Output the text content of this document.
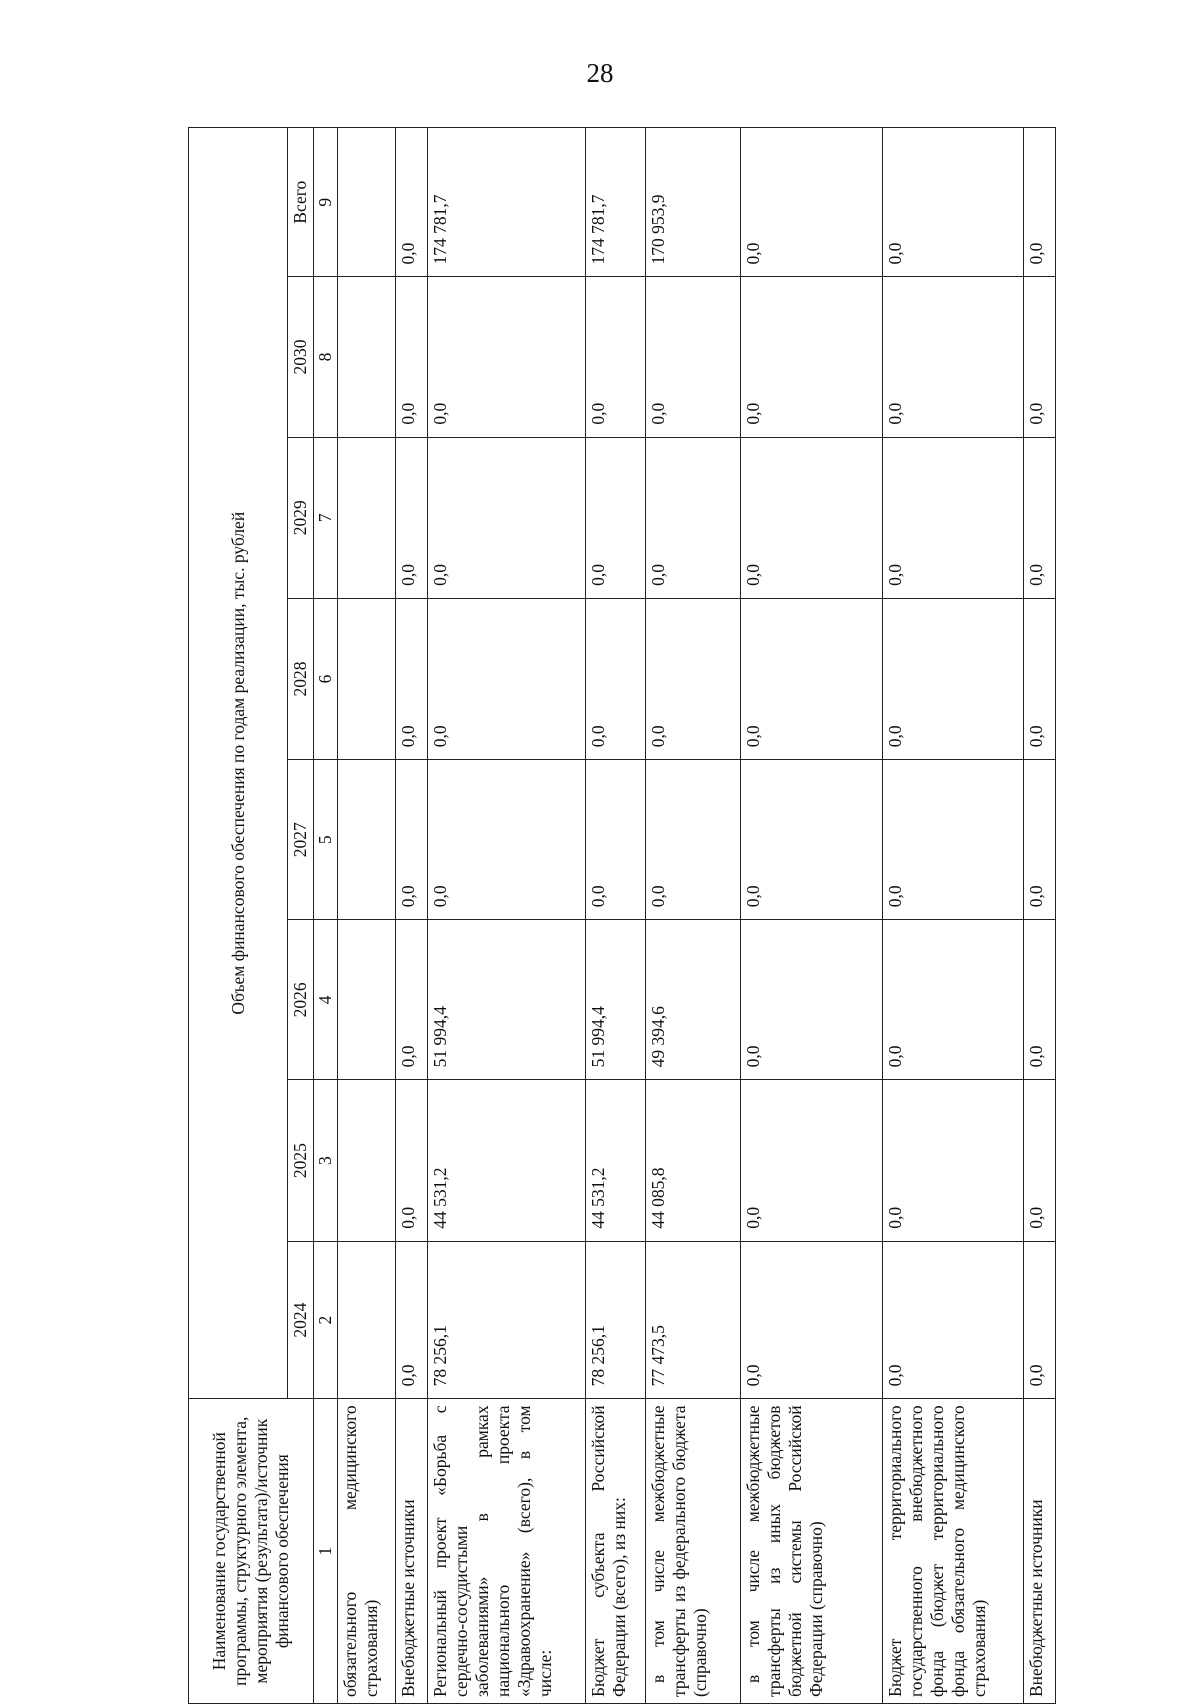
28
Наименование государственной программы, структурного элемента, мероприятия (результата)/источник финансового обеспечения	Объем финансового обеспечения по годам реализации, тыс. рублей							
	2024	2025	2026	2027	2028	2029	2030	Всего
1	2	3	4	5	6	7	8	9
обязательного медицинского страхования)								
Внебюджетные источники	0,0	0,0	0,0	0,0	0,0	0,0	0,0	0,0
Региональный проект «Борьба с сердечно-сосудистыми заболеваниями» в рамках национального проекта «Здравоохранение» (всего), в том числе:	78 256,1	44 531,2	51 994,4	0,0	0,0	0,0	0,0	174 781,7
Бюджет субъекта Российской Федерации (всего), из них:	78 256,1	44 531,2	51 994,4	0,0	0,0	0,0	0,0	174 781,7
в том числе межбюджетные трансферты из федерального бюджета (справочно)	77 473,5	44 085,8	49 394,6	0,0	0,0	0,0	0,0	170 953,9
в том числе межбюджетные трансферты из иных бюджетов бюджетной системы Российской Федерации (справочно)	0,0	0,0	0,0	0,0	0,0	0,0	0,0	0,0
Бюджет территориального государственного внебюджетного фонда (бюджет территориального фонда обязательного медицинского страхования)	0,0	0,0	0,0	0,0	0,0	0,0	0,0	0,0
Внебюджетные источники	0,0	0,0	0,0	0,0	0,0	0,0	0,0	0,0
